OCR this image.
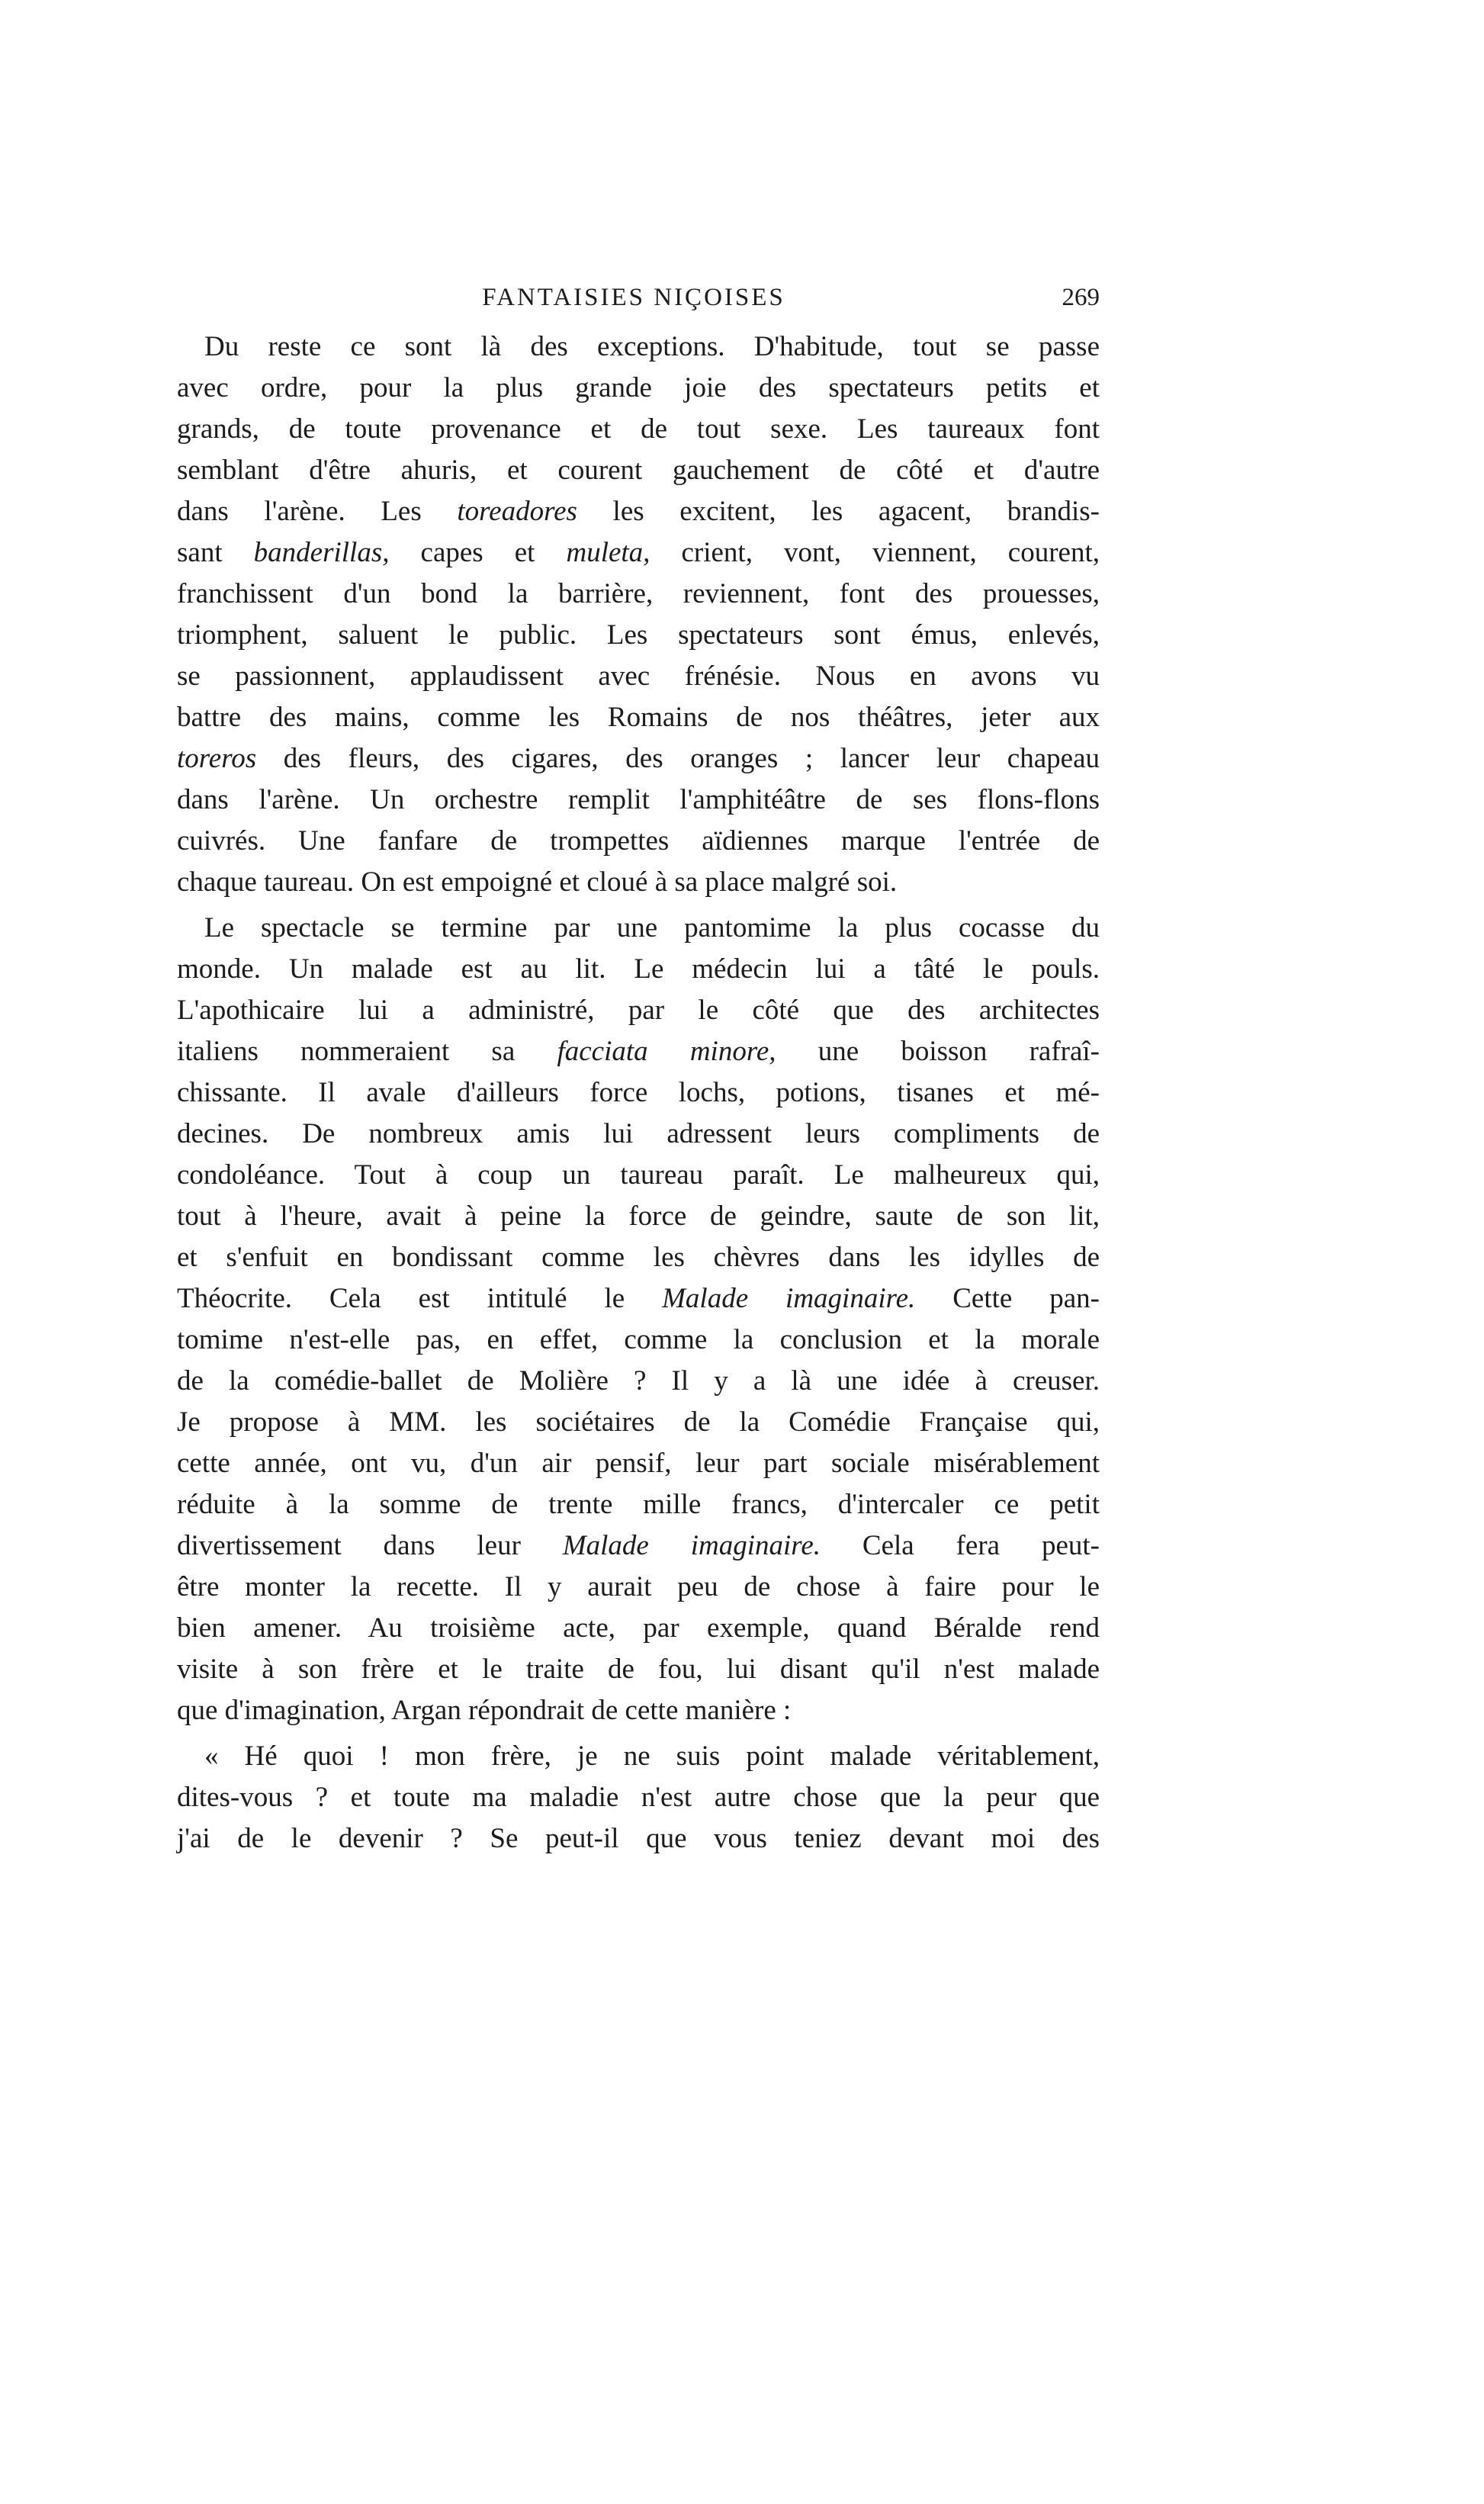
FANTAISIES NIÇOISES	269
Du reste ce sont là des exceptions. D'habitude, tout se passe
avec ordre, pour la plus grande joie des spectateurs petits et
grands, de toute provenance et de tout sexe. Les taureaux font
semblant d'être ahuris, et courent gauchement de côté et d'autre
dans l'arène. Les toreadores les excitent, les agacent, brandis-
sant banderillas, capes et muleta, crient, vont, viennent, courent,
franchissent d'un bond la barrière, reviennent, font des prouesses,
triomphent, saluent le public. Les spectateurs sont émus, enlevés,
se passionnent, applaudissent avec frénésie. Nous en avons vu
battre des mains, comme les Romains de nos théâtres, jeter aux
toreros des fleurs, des cigares, des oranges ; lancer leur chapeau
dans l'arène. Un orchestre remplit l'amphitéâtre de ses flons-flons
cuivrés. Une fanfare de trompettes aïdiennes marque l'entrée de
chaque taureau. On est empoigné et cloué à sa place malgré soi.
Le spectacle se termine par une pantomime la plus cocasse du
monde. Un malade est au lit. Le médecin lui a tâté le pouls.
L'apothicaire lui a administré, par le côté que des architectes
italiens nommeraient sa facciata minore, une boisson rafraî-
chissante. Il avale d'ailleurs force lochs, potions, tisanes et mé-
decines. De nombreux amis lui adressent leurs compliments de
condoléance. Tout à coup un taureau paraît. Le malheureux qui,
tout à l'heure, avait à peine la force de geindre, saute de son lit,
et s'enfuit en bondissant comme les chèvres dans les idylles de
Théocrite. Cela est intitulé le Malade imaginaire. Cette pan-
tomime n'est-elle pas, en effet, comme la conclusion et la morale
de la comédie-ballet de Molière ? Il y a là une idée à creuser.
Je propose à MM. les sociétaires de la Comédie Française qui,
cette année, ont vu, d'un air pensif, leur part sociale misérablement
réduite à la somme de trente mille francs, d'intercaler ce petit
divertissement dans leur Malade imaginaire. Cela fera peut-
être monter la recette. Il y aurait peu de chose à faire pour le
bien amener. Au troisième acte, par exemple, quand Béralde rend
visite à son frère et le traite de fou, lui disant qu'il n'est malade
que d'imagination, Argan répondrait de cette manière :
« Hé quoi ! mon frère, je ne suis point malade véritablement,
dites-vous ? et toute ma maladie n'est autre chose que la peur que
j'ai de le devenir ? Se peut-il que vous teniez devant moi des
